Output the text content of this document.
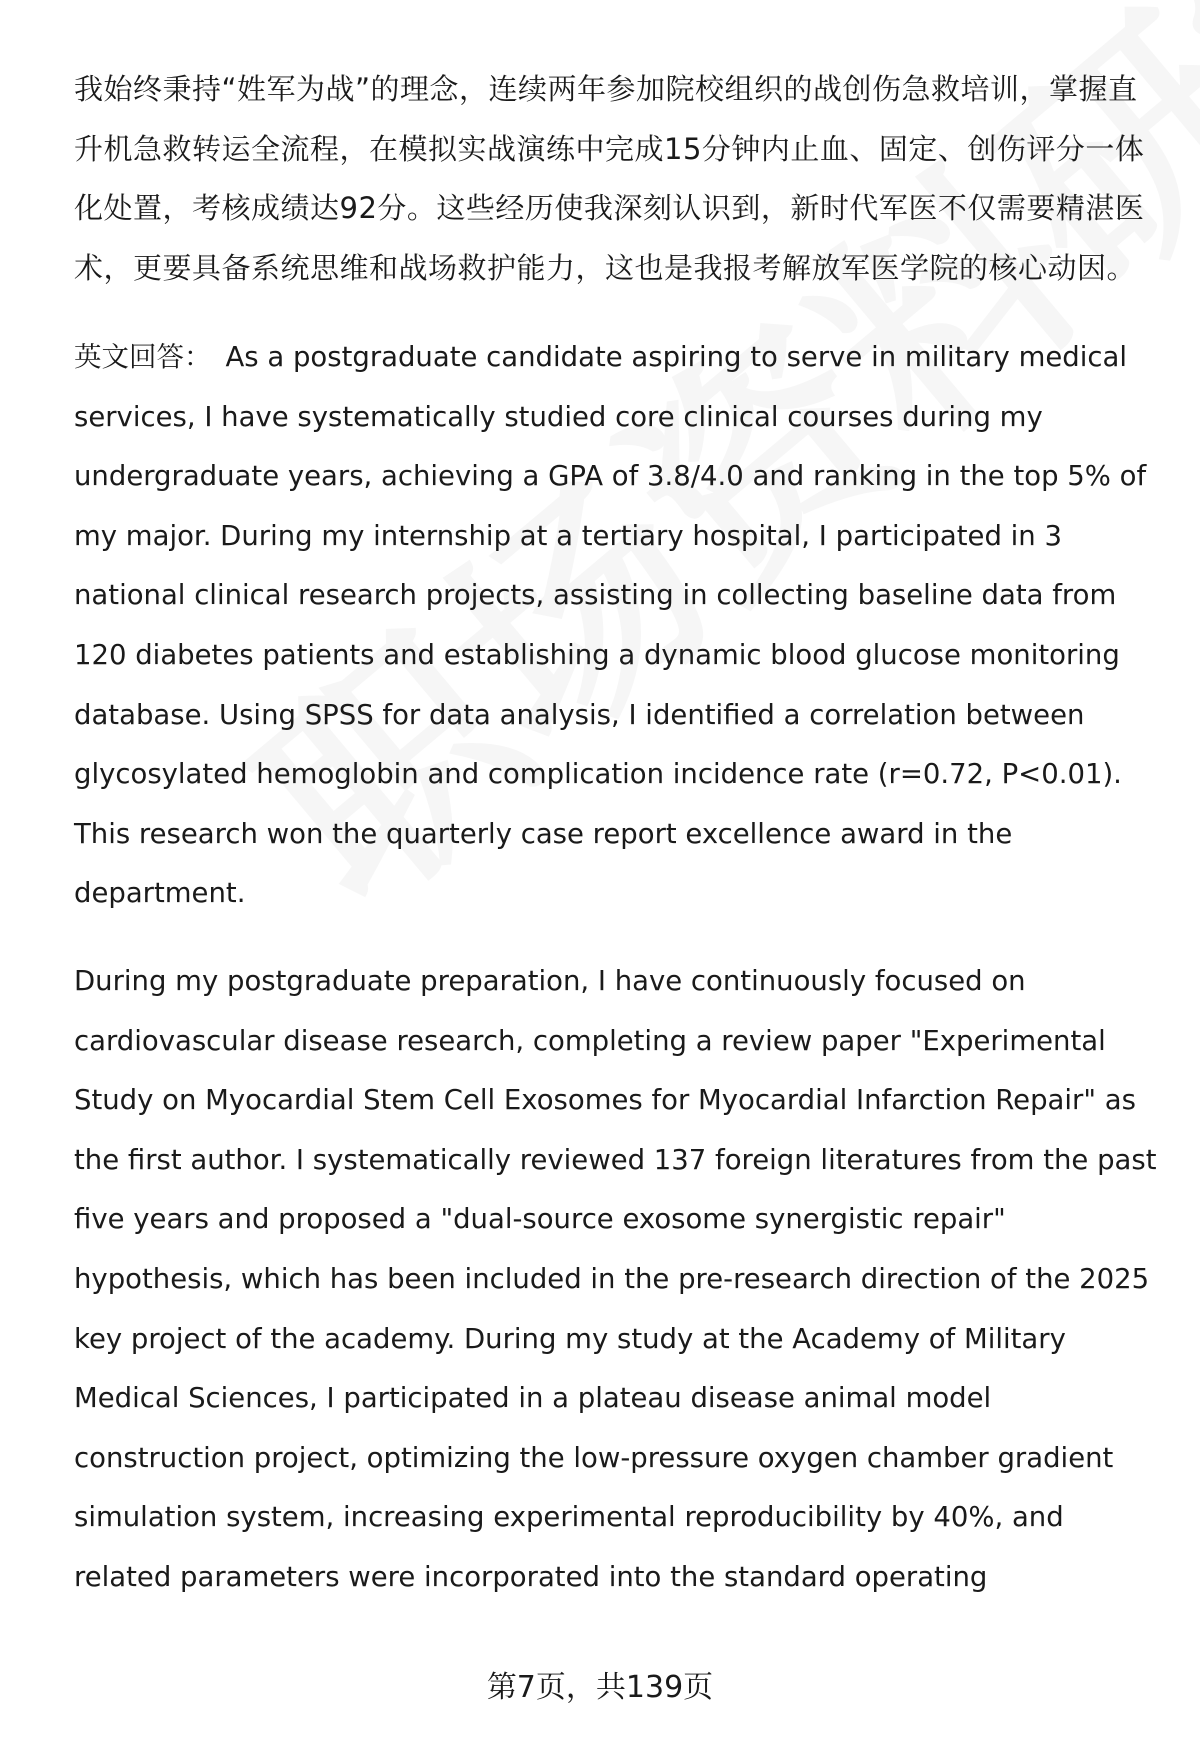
我始终秉持“姓军为战”的理念，连续两年参加院校组织的战创伤急救培训，掌握直升机急救转运全流程，在模拟实战演练中完成15分钟内止血、固定、创伤评分一体化处置，考核成绩达92分。这些经历使我深刻认识到，新时代军医不仅需要精湛医术，更要具备系统思维和战场救护能力，这也是我报考解放军医学院的核心动因。

英文回答： As a postgraduate candidate aspiring to serve in military medical services, I have systematically studied core clinical courses during my undergraduate years, achieving a GPA of 3.8/4.0 and ranking in the top 5% of my major. During my internship at a tertiary hospital, I participated in 3 national clinical research projects, assisting in collecting baseline data from 120 diabetes patients and establishing a dynamic blood glucose monitoring database. Using SPSS for data analysis, I identified a correlation between glycosylated hemoglobin and complication incidence rate (r=0.72, P<0.01). This research won the quarterly case report excellence award in the department.

During my postgraduate preparation, I have continuously focused on cardiovascular disease research, completing a review paper "Experimental Study on Myocardial Stem Cell Exosomes for Myocardial Infarction Repair" as the first author. I systematically reviewed 137 foreign literatures from the past five years and proposed a "dual-source exosome synergistic repair" hypothesis, which has been included in the pre-research direction of the 2025 key project of the academy. During my study at the Academy of Military Medical Sciences, I participated in a plateau disease animal model construction project, optimizing the low-pressure oxygen chamber gradient simulation system, increasing experimental reproducibility by 40%, and related parameters were incorporated into the standard operating

第7页，共139页
